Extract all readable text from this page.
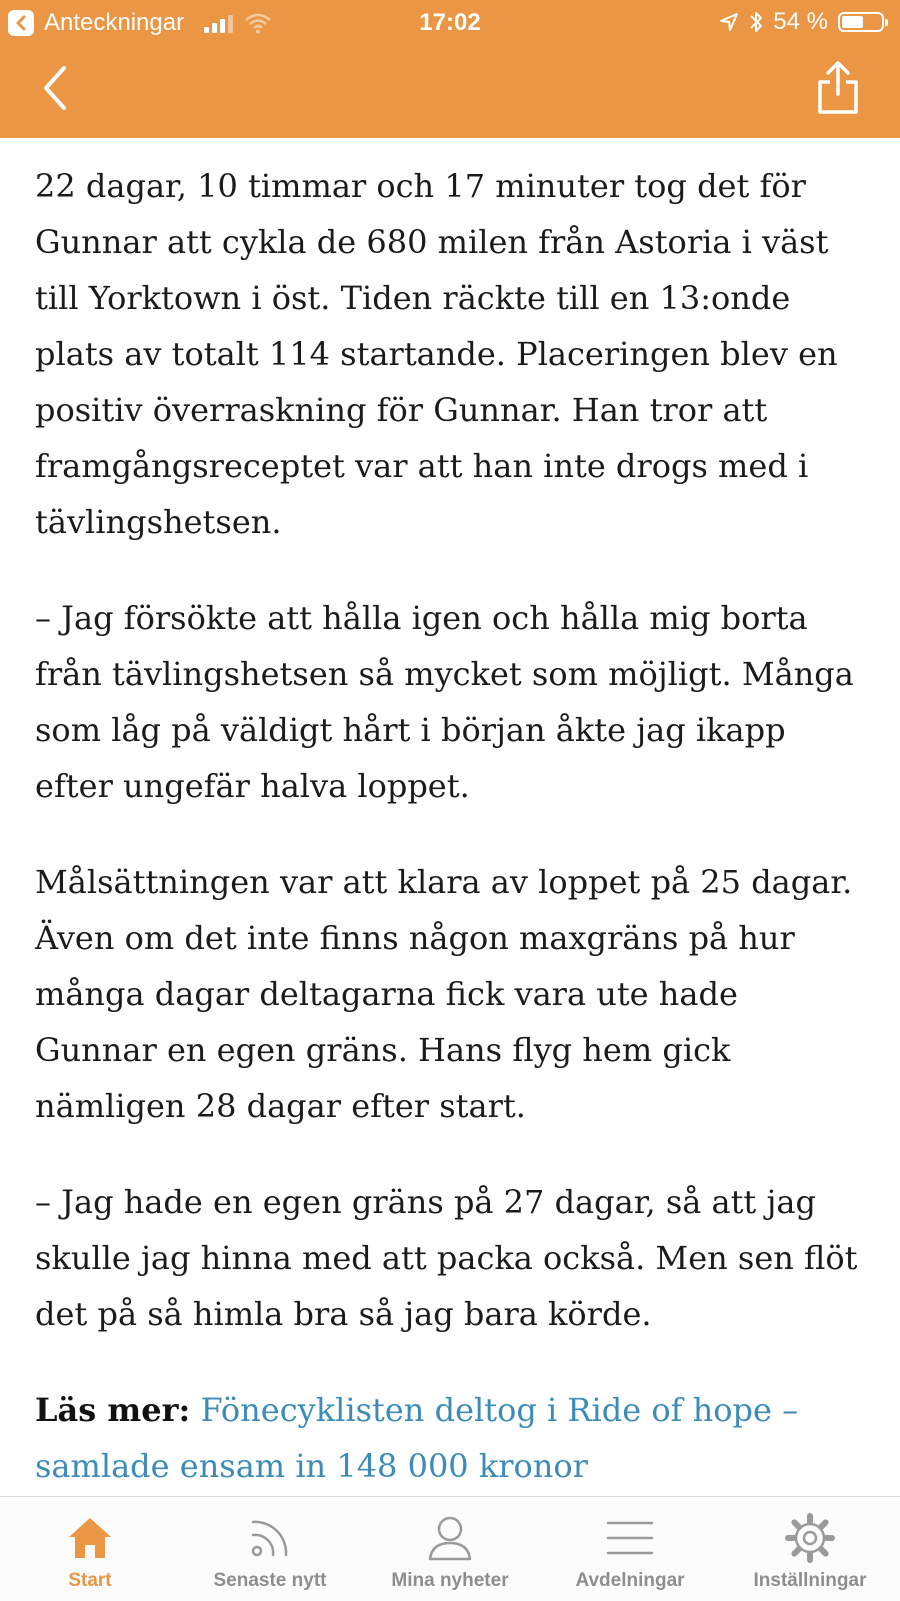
Anteckningar	17:02	54 %

22 dagar, 10 timmar och 17 minuter tog det för Gunnar att cykla de 680 milen från Astoria i väst till Yorktown i öst. Tiden räckte till en 13:onde plats av totalt 114 startande. Placeringen blev en positiv överraskning för Gunnar. Han tror att framgångsreceptet var att han inte drogs med i tävlingshetsen.

– Jag försökte att hålla igen och hålla mig borta från tävlingshetsen så mycket som möjligt. Många som låg på väldigt hårt i början åkte jag ikapp efter ungefär halva loppet.

Målsättningen var att klara av loppet på 25 dagar. Även om det inte finns någon maxgräns på hur många dagar deltagarna fick vara ute hade Gunnar en egen gräns. Hans flyg hem gick nämligen 28 dagar efter start.

– Jag hade en egen gräns på 27 dagar, så att jag skulle jag hinna med att packa också. Men sen flöt det på så himla bra så jag bara körde.

Läs mer: Fönecyklisten deltog i Ride of hope – samlade ensam in 148 000 kronor

Start	Senaste nytt	Mina nyheter	Avdelningar	Inställningar
